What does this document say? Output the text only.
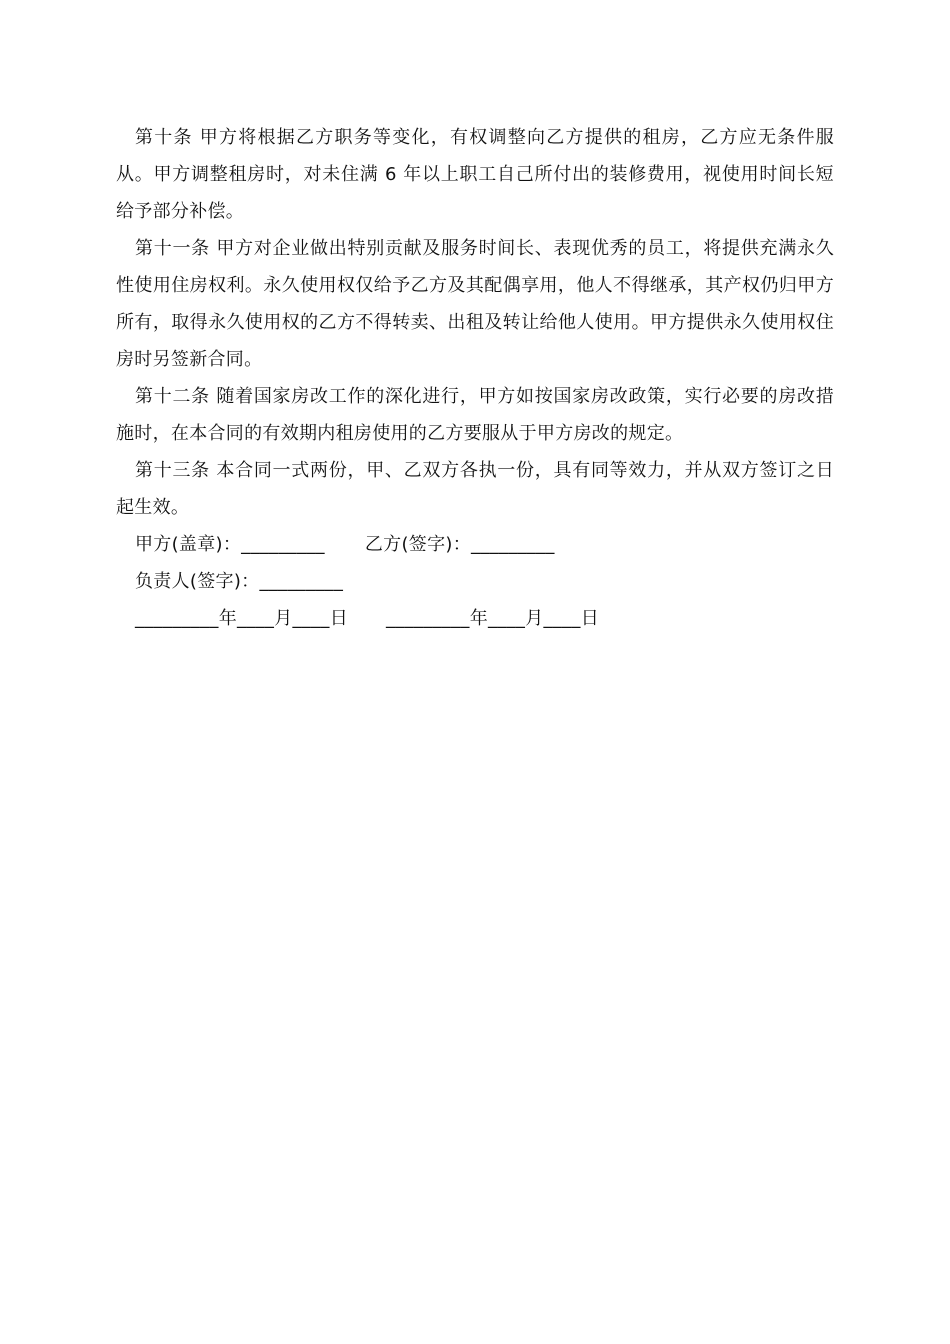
第十条 甲方将根据乙方职务等变化，有权调整向乙方提供的租房，乙方应无条件服从。甲方调整租房时，对未住满 6 年以上职工自己所付出的装修费用，视使用时间长短给予部分补偿。

第十一条 甲方对企业做出特别贡献及服务时间长、表现优秀的员工，将提供充满永久性使用住房权利。永久使用权仅给予乙方及其配偶享用，他人不得继承，其产权仍归甲方所有，取得永久使用权的乙方不得转卖、出租及转让给他人使用。甲方提供永久使用权住房时另签新合同。

第十二条 随着国家房改工作的深化进行，甲方如按国家房改政策，实行必要的房改措施时，在本合同的有效期内租房使用的乙方要服从于甲方房改的规定。

第十三条 本合同一式两份，甲、乙双方各执一份，具有同等效力，并从双方签订之日起生效。

甲方(盖章)：_________ 乙方(签字)：_________
负责人(签字)：_________
_________年____月____日 _________年____月____日
